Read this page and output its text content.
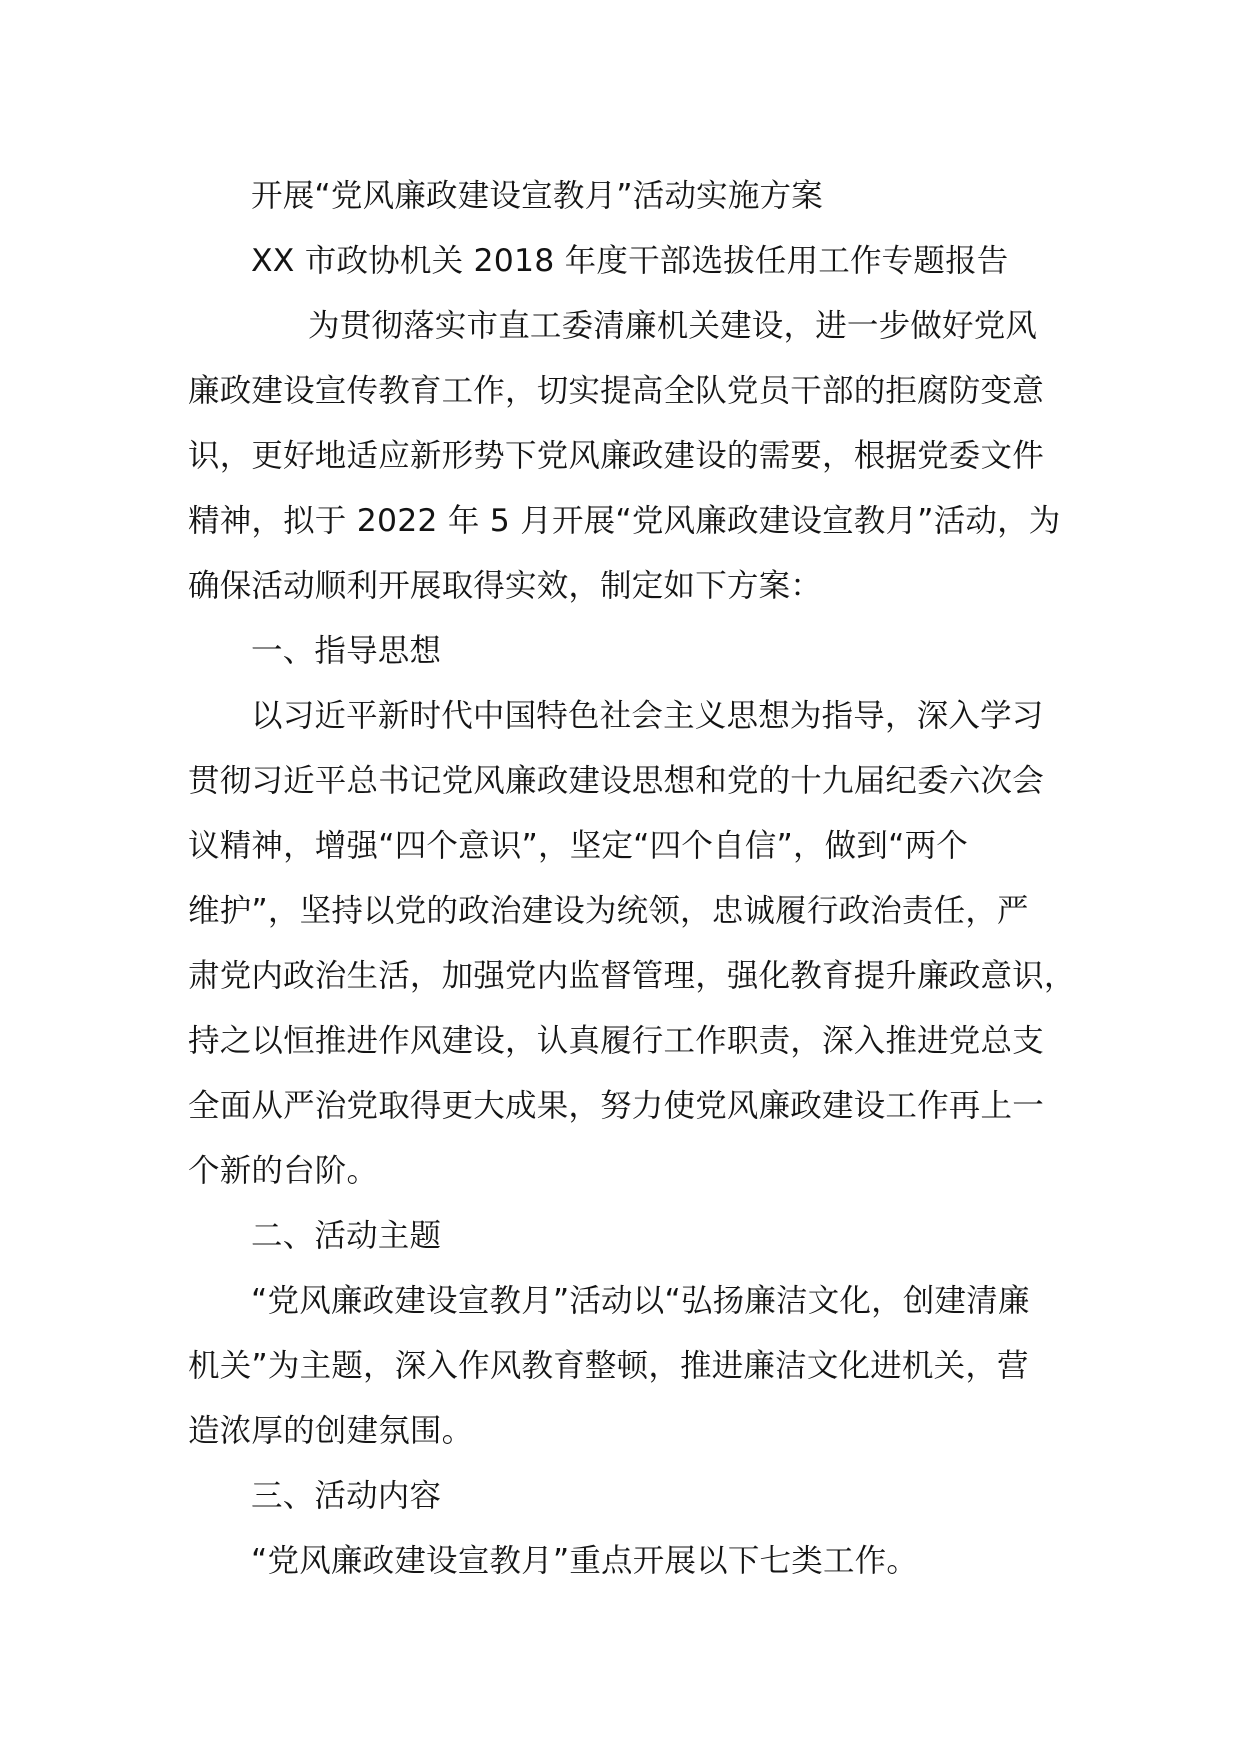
开展“党风廉政建设宣教月”活动实施方案
XX 市政协机关 2018 年度干部选拔任用工作专题报告
为贯彻落实市直工委清廉机关建设，进一步做好党风
廉政建设宣传教育工作，切实提高全队党员干部的拒腐防变意
识，更好地适应新形势下党风廉政建设的需要，根据党委文件
精神，拟于 2022 年 5 月开展“党风廉政建设宣教月”活动，为
确保活动顺利开展取得实效，制定如下方案：
一、指导思想
以习近平新时代中国特色社会主义思想为指导，深入学习
贯彻习近平总书记党风廉政建设思想和党的十九届纪委六次会
议精神，增强“四个意识”，坚定“四个自信”，做到“两个
维护”，坚持以党的政治建设为统领，忠诚履行政治责任，严
肃党内政治生活，加强党内监督管理，强化教育提升廉政意识，
持之以恒推进作风建设，认真履行工作职责，深入推进党总支
全面从严治党取得更大成果，努力使党风廉政建设工作再上一
个新的台阶。
二、活动主题
“党风廉政建设宣教月”活动以“弘扬廉洁文化，创建清廉
机关”为主题，深入作风教育整顿，推进廉洁文化进机关，营
造浓厚的创建氛围。
三、活动内容
“党风廉政建设宣教月”重点开展以下七类工作。
